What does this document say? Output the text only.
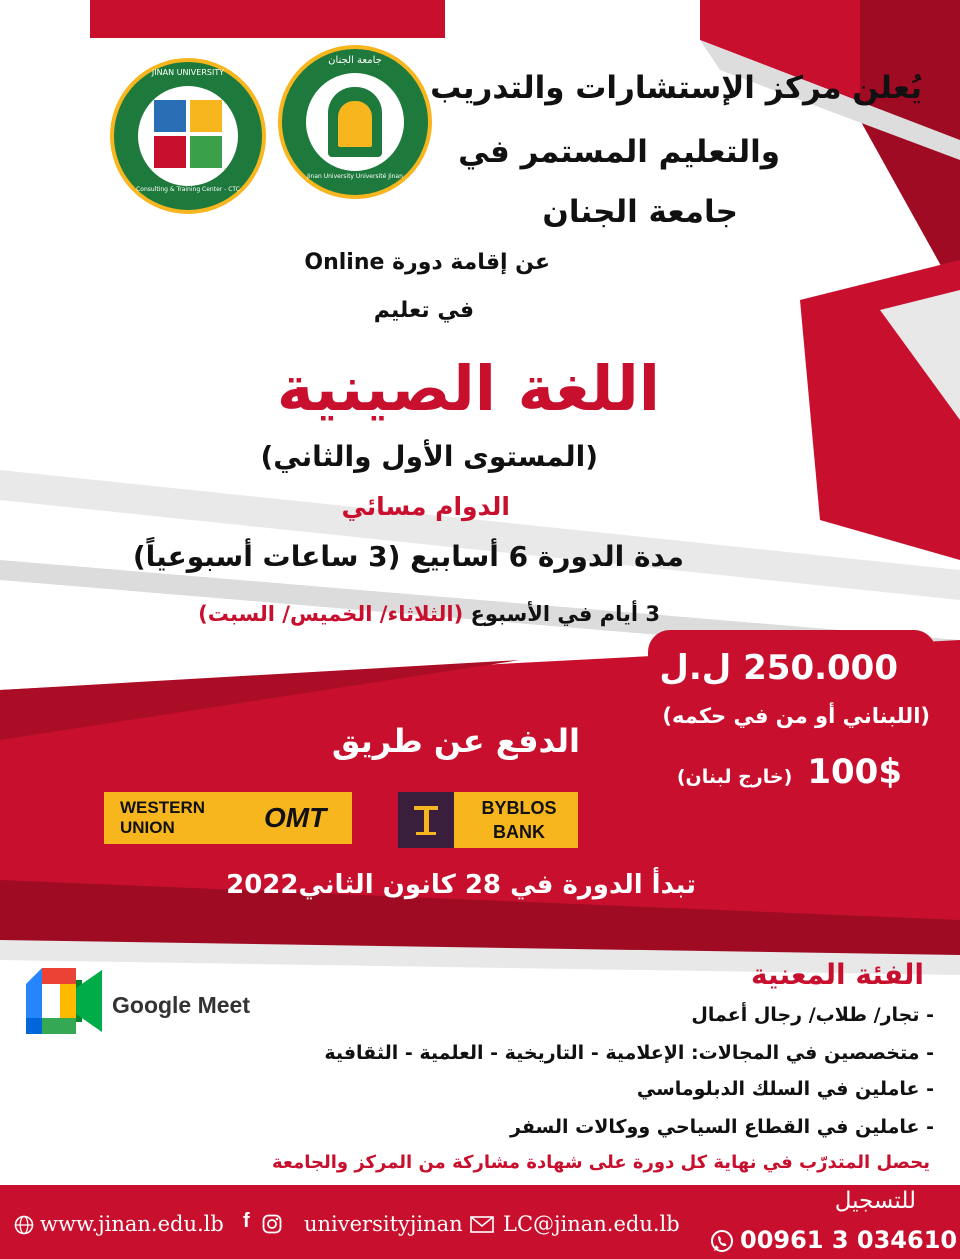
JINAN UNIVERSITY
Consulting & Training Center - CTC
جامعة الجنان
Jinan University Université Jinan
يُعلن مركز الإستشارات والتدريب
والتعليم المستمر في
جامعة الجنان
عن إقامة دورة Online
في تعليم
اللغة الصينية
(المستوى الأول والثاني)
الدوام مسائي
مدة الدورة 6 أسابيع (3 ساعات أسبوعياً)
3 أيام في الأسبوع (الثلاثاء/ الخميس/ السبت)
250.000 ل.ل
(اللبناني أو من في حكمه)
100$ (خارج لبنان)
الدفع عن طريق
WESTERN UNION	OMT	BYBLOS BANK
تبدأ الدورة في 28 كانون الثاني2022
Google Meet
الفئة المعنية
- تجار/ طلاب/ رجال أعمال
- متخصصين في المجالات: الإعلامية - التاريخية - العلمية - الثقافية
- عاملين في السلك الدبلوماسي
- عاملين في القطاع السياحي ووكالات السفر
يحصل المتدرّب في نهاية كل دورة على شهادة مشاركة من المركز والجامعة
www.jinan.edu.lb f	universityjinan LC@jinan.edu.lb
للتسجيل
00961 3 034610
